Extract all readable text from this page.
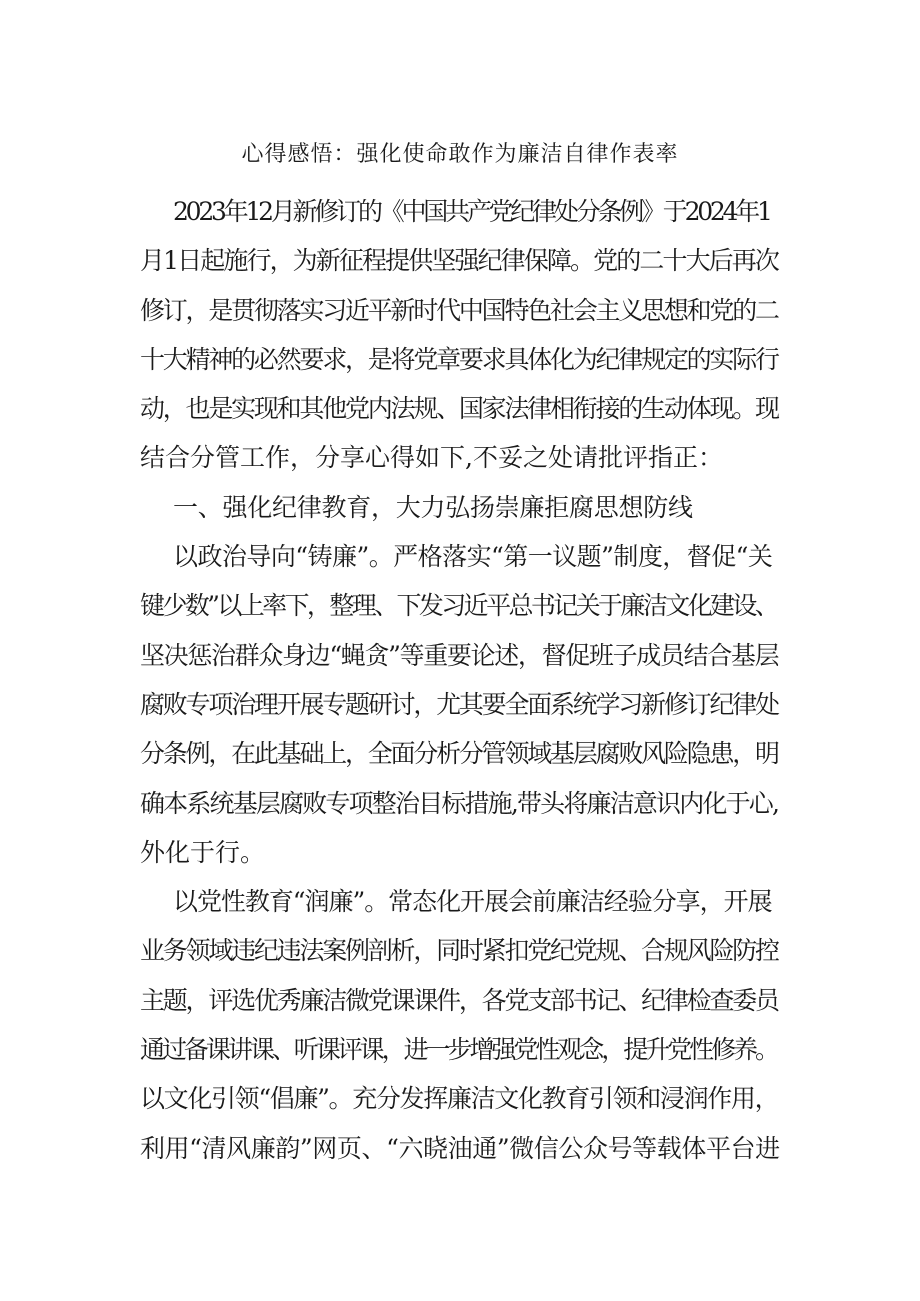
心得感悟：强化使命敢作为廉洁自律作表率
2023年12月新修订的《中国共产党纪律处分条例》于2024年1
月1日起施行，为新征程提供坚强纪律保障。党的二十大后再次
修订，是贯彻落实习近平新时代中国特色社会主义思想和党的二
十大精神的必然要求，是将党章要求具体化为纪律规定的实际行
动，也是实现和其他党内法规、国家法律相衔接的生动体现。现
结合分管工作，分享心得如下,不妥之处请批评指正：
一、强化纪律教育，大力弘扬崇廉拒腐思想防线
以政治导向“铸廉”。严格落实“第一议题”制度，督促“关
键少数”以上率下，整理、下发习近平总书记关于廉洁文化建设、
坚决惩治群众身边“蝇贪”等重要论述，督促班子成员结合基层
腐败专项治理开展专题研讨，尤其要全面系统学习新修订纪律处
分条例，在此基础上，全面分析分管领域基层腐败风险隐患，明
确本系统基层腐败专项整治目标措施,带头将廉洁意识内化于心,
外化于行。
以党性教育“润廉”。常态化开展会前廉洁经验分享，开展
业务领域违纪违法案例剖析，同时紧扣党纪党规、合规风险防控
主题，评选优秀廉洁微党课课件，各党支部书记、纪律检查委员
通过备课讲课、听课评课，进一步增强党性观念，提升党性修养。
以文化引领“倡廉”。充分发挥廉洁文化教育引领和浸润作用，
利用“清风廉韵”网页、“六晓油通”微信公众号等载体平台进
